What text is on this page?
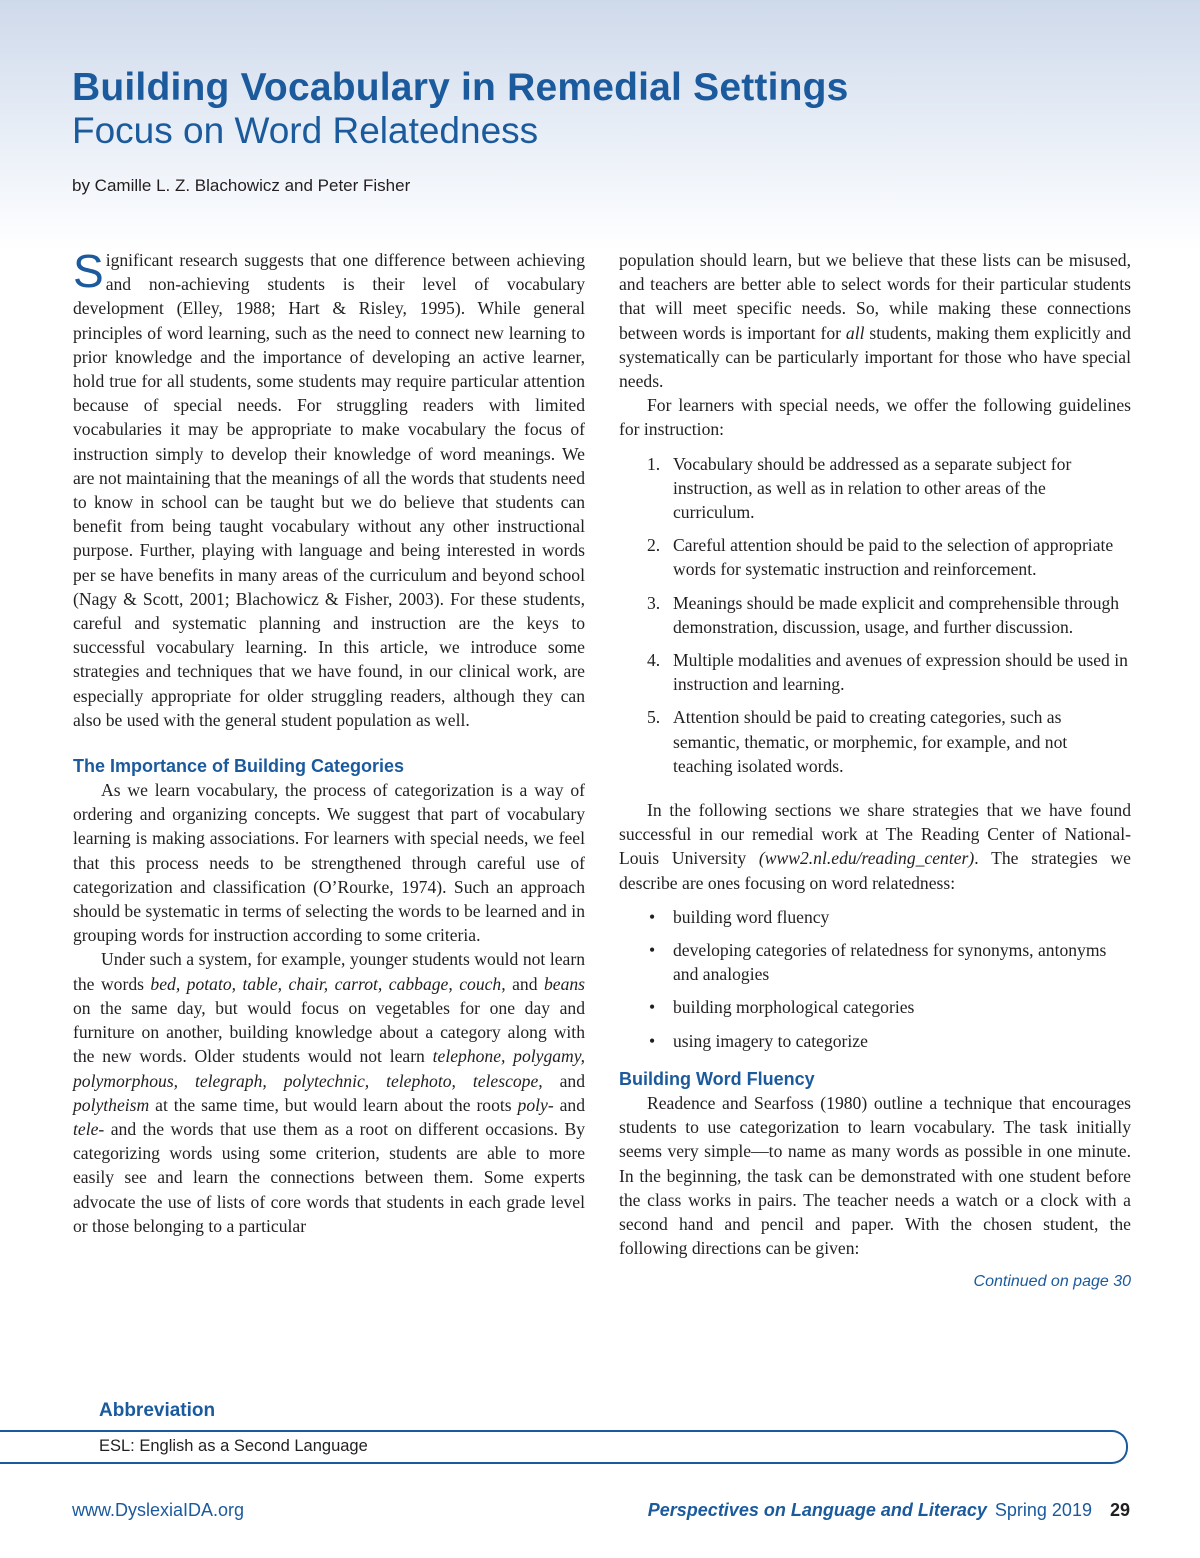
Building Vocabulary in Remedial Settings
Focus on Word Relatedness
by Camille L. Z. Blachowicz and Peter Fisher

Significant research suggests that one difference between achieving and non-achieving students is their level of vocabulary development (Elley, 1988; Hart & Risley, 1995). While general principles of word learning, such as the need to connect new learning to prior knowledge and the importance of developing an active learner, hold true for all students, some students may require particular attention because of special needs. For struggling readers with limited vocabularies it may be appropriate to make vocabulary the focus of instruction simply to develop their knowledge of word meanings. We are not maintaining that the meanings of all the words that students need to know in school can be taught but we do believe that students can benefit from being taught vocabulary without any other instructional purpose. Further, playing with language and being interested in words per se have benefits in many areas of the curriculum and beyond school (Nagy & Scott, 2001; Blachowicz & Fisher, 2003). For these students, careful and systematic planning and instruction are the keys to successful vocabulary learning. In this article, we introduce some strategies and techniques that we have found, in our clinical work, are especially appropriate for older struggling readers, although they can also be used with the general student population as well.

The Importance of Building Categories

As we learn vocabulary, the process of categorization is a way of ordering and organizing concepts. We suggest that part of vocabulary learning is making associations. For learners with special needs, we feel that this process needs to be strengthened through careful use of categorization and classification (O’Rourke, 1974). Such an approach should be systematic in terms of selecting the words to be learned and in grouping words for instruction according to some criteria.

Under such a system, for example, younger students would not learn the words bed, potato, table, chair, carrot, cabbage, couch, and beans on the same day, but would focus on vegetables for one day and furniture on another, building knowledge about a category along with the new words. Older students would not learn telephone, polygamy, polymorphous, telegraph, polytechnic, telephoto, telescope, and polytheism at the same time, but would learn about the roots poly- and tele- and the words that use them as a root on different occasions. By categorizing words using some criterion, students are able to more easily see and learn the connections between them. Some experts advocate the use of lists of core words that students in each grade level or those belonging to a particular

population should learn, but we believe that these lists can be misused, and teachers are better able to select words for their particular students that will meet specific needs. So, while making these connections between words is important for all students, making them explicitly and systematically can be particularly important for those who have special needs.

For learners with special needs, we offer the following guidelines for instruction:

1. Vocabulary should be addressed as a separate subject for instruction, as well as in relation to other areas of the curriculum.
2. Careful attention should be paid to the selection of appropriate words for systematic instruction and reinforcement.
3. Meanings should be made explicit and comprehensible through demonstration, discussion, usage, and further discussion.
4. Multiple modalities and avenues of expression should be used in instruction and learning.
5. Attention should be paid to creating categories, such as semantic, thematic, or morphemic, for example, and not teaching isolated words.

In the following sections we share strategies that we have found successful in our remedial work at The Reading Center of National-Louis University (www2.nl.edu/reading_center). The strategies we describe are ones focusing on word relatedness:

• building word fluency
• developing categories of relatedness for synonyms, antonyms and analogies
• building morphological categories
• using imagery to categorize
Building Word Fluency

Readence and Searfoss (1980) outline a technique that encourages students to use categorization to learn vocabulary. The task initially seems very simple—to name as many words as possible in one minute. In the beginning, the task can be demonstrated with one student before the class works in pairs. The teacher needs a watch or a clock with a second hand and pencil and paper. With the chosen student, the following directions can be given:

Continued on page 30
Abbreviation
ESL: English as a Second Language
www.DyslexiaIDA.org	Perspectives on Language and Literacy Spring 2019 29
